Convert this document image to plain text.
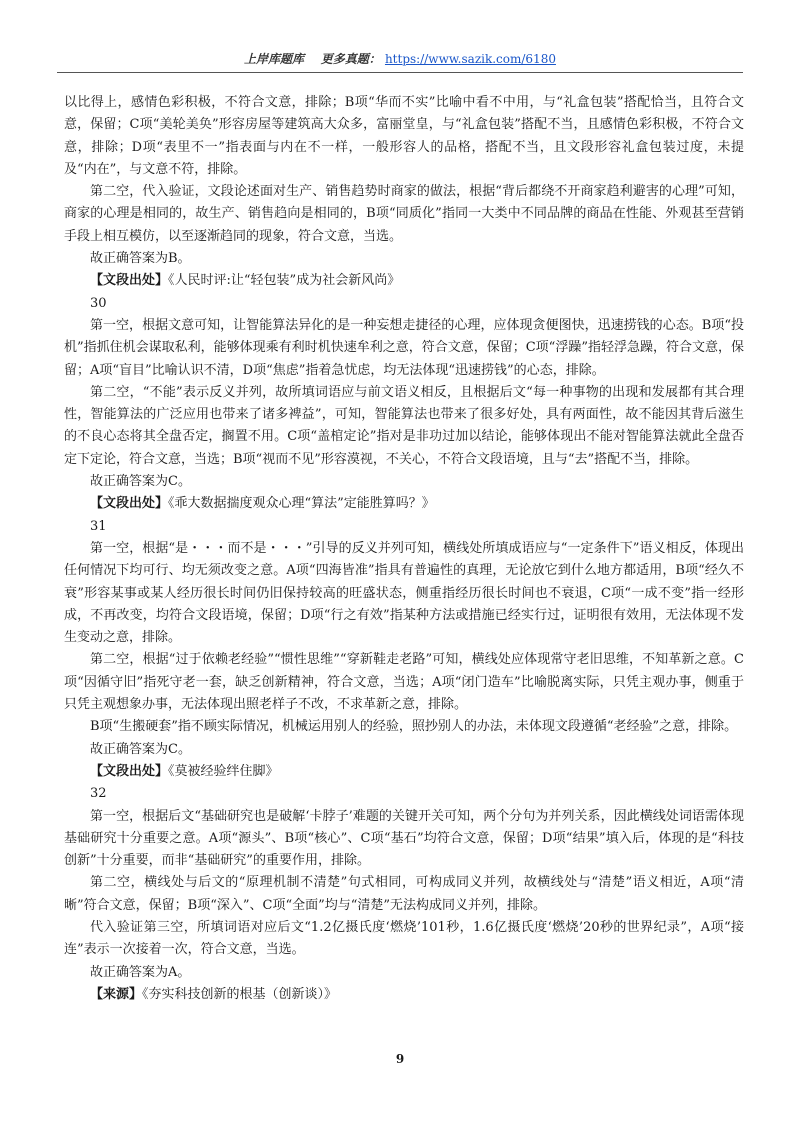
上岸库题库 更多真题： https://www.sazik.com/6180

以比得上，感情色彩积极，不符合文意，排除；B项“华而不实”比喻中看不中用，与“礼盒包装”搭配恰当，且符合文意，保留；C项“美轮美奂”形容房屋等建筑高大众多，富丽堂皇，与“礼盒包装”搭配不当，且感情色彩积极，不符合文意，排除；D项“表里不一”指表面与内在不一样，一般形容人的品格，搭配不当，且文段形容礼盒包装过度，未提及“内在”，与文意不符，排除。

第二空，代入验证，文段论述面对生产、销售趋势时商家的做法，根据“背后都绕不开商家趋利避害的心理”可知，商家的心理是相同的，故生产、销售趋向是相同的，B项“同质化”指同一大类中不同品牌的商品在性能、外观甚至营销手段上相互模仿，以至逐渐趋同的现象，符合文意，当选。

故正确答案为B。

【文段出处】《人民时评:让“轻包装”成为社会新风尚》

30

第一空，根据文意可知，让智能算法异化的是一种妄想走捷径的心理，应体现贪便图快，迅速捞钱的心态。B项“投机”指抓住机会谋取私利，能够体现乘有利时机快速牟利之意，符合文意，保留；C项“浮躁”指轻浮急躁，符合文意，保留；A项“盲目”比喻认识不清，D项“焦虑”指着急忧虑，均无法体现“迅速捞钱”的心态，排除。

第二空，“不能”表示反义并列，故所填词语应与前文语义相反，且根据后文“每一种事物的出现和发展都有其合理性，智能算法的广泛应用也带来了诸多裨益”，可知，智能算法也带来了很多好处，具有两面性，故不能因其背后滋生的不良心态将其全盘否定，搁置不用。C项“盖棺定论”指对是非功过加以结论，能够体现出不能对智能算法就此全盘否定下定论，符合文意，当选；B项“视而不见”形容漠视，不关心，不符合文段语境，且与“去”搭配不当，排除。

故正确答案为C。

【文段出处】《乖大数据揣度观众心理“算法”定能胜算吗？》

31

第一空，根据“是・・・而不是・・・”引导的反义并列可知，横线处所填成语应与“一定条件下”语义相反，体现出任何情况下均可行、均无须改变之意。A项“四海皆准”指具有普遍性的真理，无论放它到什么地方都适用，B项“经久不衰”形容某事或某人经历很长时间仍旧保持较高的旺盛状态，侧重指经历很长时间也不衰退，C项“一成不变”指一经形成，不再改变，均符合文段语境，保留；D项“行之有效”指某种方法或措施已经实行过，证明很有效用，无法体现不发生变动之意，排除。

第二空，根据“过于依赖老经验”“惯性思维”“穿新鞋走老路”可知，横线处应体现常守老旧思维，不知革新之意。C项“因循守旧”指死守老一套，缺乏创新精神，符合文意，当选；A项“闭门造车”比喻脱离实际，只凭主观办事，侧重于只凭主观想象办事，无法体现出照老样子不改，不求革新之意，排除。

B项“生搬硬套”指不顾实际情况，机械运用别人的经验，照抄别人的办法，未体现文段遵循“老经验”之意，排除。

故正确答案为C。

【文段出处】《莫被经验绊住脚》

32

第一空，根据后文“基础研究也是破解‘卡脖子’难题的关键开关可知，两个分句为并列关系，因此横线处词语需体现基础研究十分重要之意。A项“源头”、B项“核心”、C项“基石”均符合文意，保留；D项“结果”填入后，体现的是“科技创新”十分重要，而非“基础研究”的重要作用，排除。

第二空，横线处与后文的“原理机制不清楚”句式相同，可构成同义并列，故横线处与“清楚”语义相近，A项“清晰”符合文意，保留；B项“深入”、C项“全面”均与“清楚”无法构成同义并列，排除。

代入验证第三空，所填词语对应后文“1.2亿摄氏度‘燃烧’101秒，1.6亿摄氏度‘燃烧’20秒的世界纪录”，A项“接连”表示一次接着一次，符合文意，当选。

故正确答案为A。

【来源】《夯实科技创新的根基（创新谈）》

9
